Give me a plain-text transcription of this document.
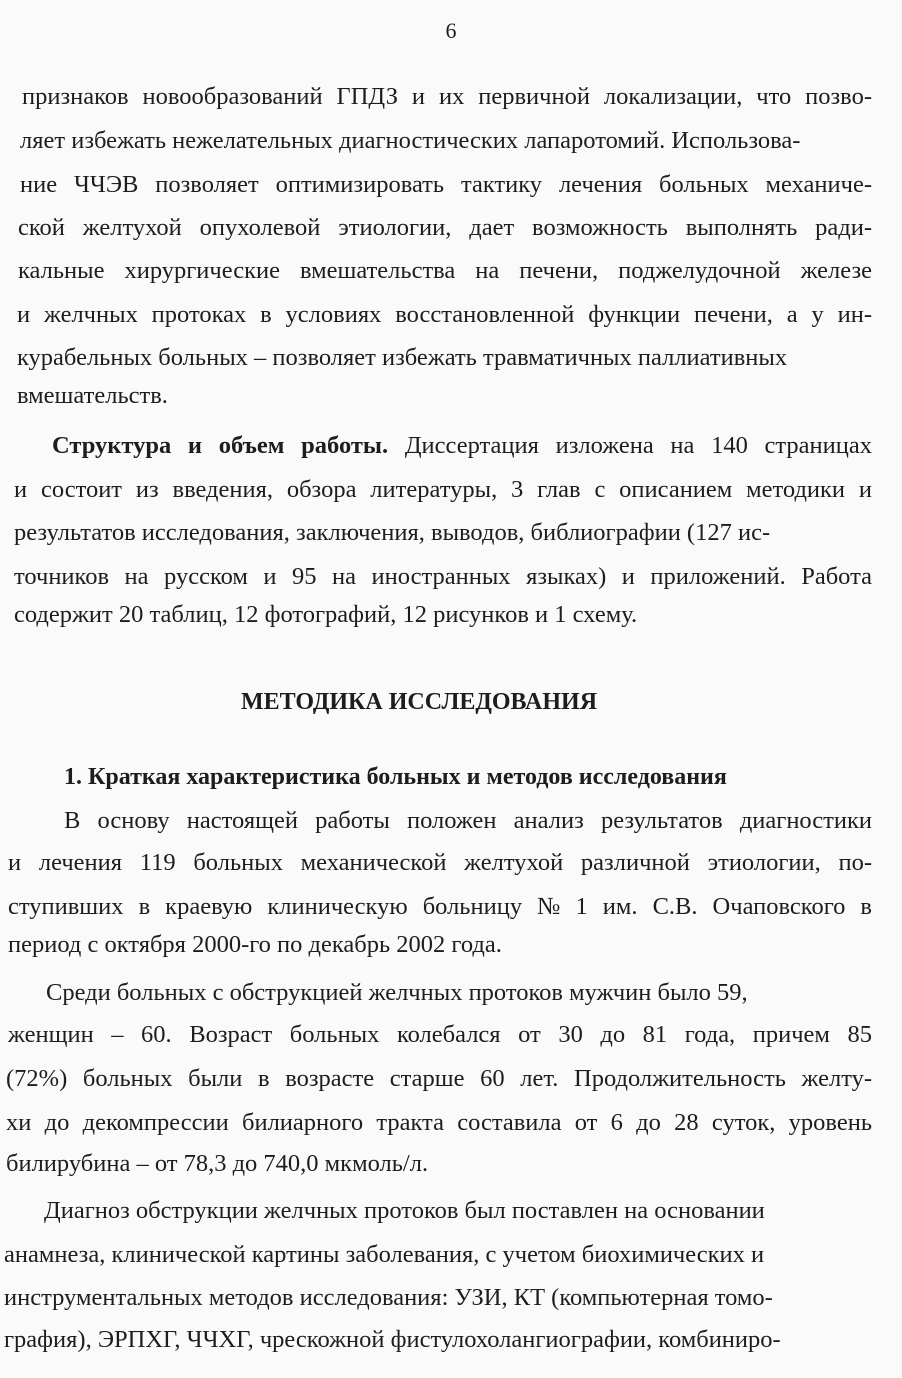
6
признаков новообразований ГПДЗ и их первичной локализации, что позво-
ляет избежать нежелательных диагностических лапаротомий. Использова-
ние ЧЧЭВ позволяет оптимизировать тактику лечения больных механиче-
ской желтухой опухолевой этиологии, дает возможность выполнять ради-
кальные хирургические вмешательства на печени, поджелудочной железе
и желчных протоках в условиях восстановленной функции печени, а у ин-
курабельных больных – позволяет избежать травматичных паллиативных
вмешательств.
Структура и объем работы. Диссертация изложена на 140 страницах
и состоит из введения, обзора литературы, 3 глав с описанием методики и
результатов исследования, заключения, выводов, библиографии (127 ис-
точников на русском и 95 на иностранных языках) и приложений. Работа
содержит 20 таблиц, 12 фотографий, 12 рисунков и 1 схему.
МЕТОДИКА ИССЛЕДОВАНИЯ
1. Краткая характеристика больных и методов исследования
В основу настоящей работы положен анализ результатов диагностики
и лечения 119 больных механической желтухой различной этиологии, по-
ступивших в краевую клиническую больницу № 1 им. С.В. Очаповского в
период с октября 2000-го по декабрь 2002 года.
Среди больных с обструкцией желчных протоков мужчин было 59,
женщин – 60. Возраст больных колебался от 30 до 81 года, причем 85
(72%) больных были в возрасте старше 60 лет. Продолжительность желту-
хи до декомпрессии билиарного тракта составила от 6 до 28 суток, уровень
билирубина – от 78,3 до 740,0 мкмоль/л.
Диагноз обструкции желчных протоков был поставлен на основании
анамнеза, клинической картины заболевания, с учетом биохимических и
инструментальных методов исследования: УЗИ, КТ (компьютерная томо-
графия), ЭРПХГ, ЧЧХГ, чрескожной фистулохолангиографии, комбиниро-
